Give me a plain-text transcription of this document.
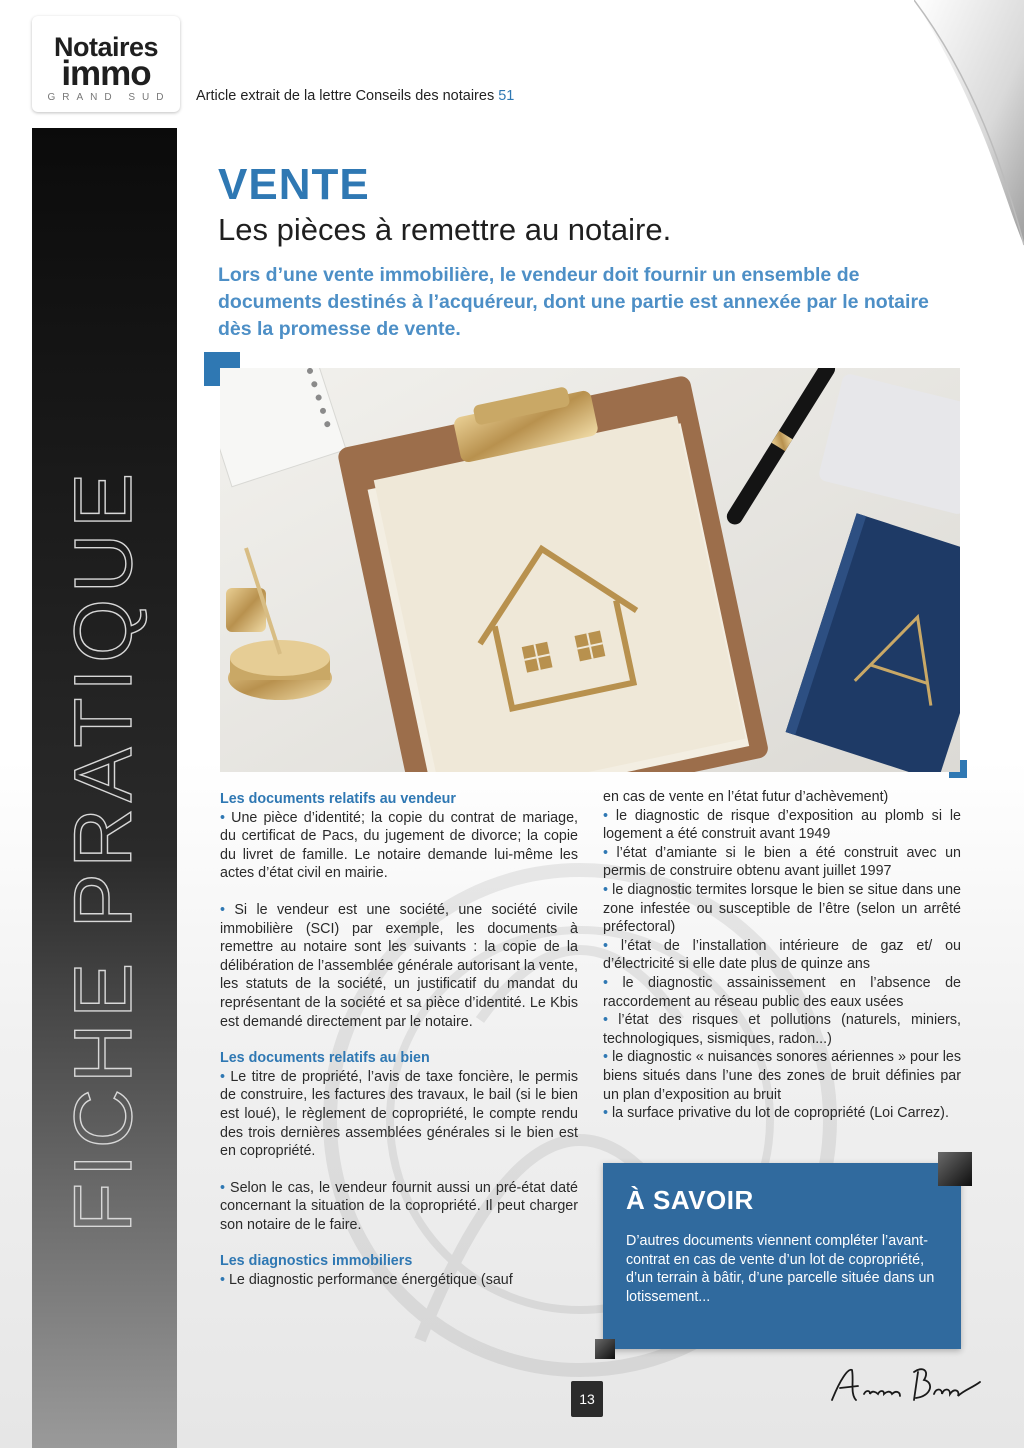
Notaires
immo
GRAND SUD	Article extrait de la lettre Conseils des notaires 51
FICHE PRATIQUE
VENTE
Les pièces à remettre au notaire.

Lors d’une vente immobilière, le vendeur doit fournir un ensemble de documents destinés à l’acquéreur, dont une partie est annexée par le notaire dès la promesse de vente.

Les documents relatifs au vendeur

• Une pièce d’identité; la copie du contrat de mariage, du certificat de Pacs, du jugement de divorce; la copie du livret de famille. Le notaire demande lui-même les actes d’état civil en mairie.

• Si le vendeur est une société, une société civile immobilière (SCI) par exemple, les documents à remettre au notaire sont les suivants : la copie de la délibération de l’assemblée générale autorisant la vente, les statuts de la société, un justificatif du mandat du représentant de la société et sa pièce d’identité. Le Kbis est demandé directement par le notaire.

Les documents relatifs au bien

• Le titre de propriété, l’avis de taxe foncière, le permis de construire, les factures des travaux, le bail (si le bien est loué), le règlement de copropriété, le compte rendu des trois dernières assemblées générales si le bien est en copropriété.

• Selon le cas, le vendeur fournit aussi un pré-état daté concernant la situation de la copropriété. Il peut charger son notaire de le faire.

Les diagnostics immobiliers

• Le diagnostic performance énergétique (sauf

en cas de vente en l’état futur d’achèvement)

• le diagnostic de risque d’exposition au plomb si le logement a été construit avant 1949

• l’état d’amiante si le bien a été construit avec un permis de construire obtenu avant juillet 1997

• le diagnostic termites lorsque le bien se situe dans une zone infestée ou susceptible de l’être (selon un arrêté préfectoral)

• l’état de l’installation intérieure de gaz et/ ou d’électricité si elle date plus de quinze ans

• le diagnostic assainissement en l’absence de raccordement au réseau public des eaux usées

• l’état des risques et pollutions (naturels, miniers, technologiques, sismiques, radon...)

• le diagnostic « nuisances sonores aériennes » pour les biens situés dans l’une des zones de bruit définies par un plan d’exposition au bruit

• la surface privative du lot de copropriété (Loi Carrez).

À SAVOIR
D’autres documents viennent compléter l’avant-contrat en cas de vente d’un lot de copropriété, d’un terrain à bâtir, d’une parcelle située dans un lotissement...
13
